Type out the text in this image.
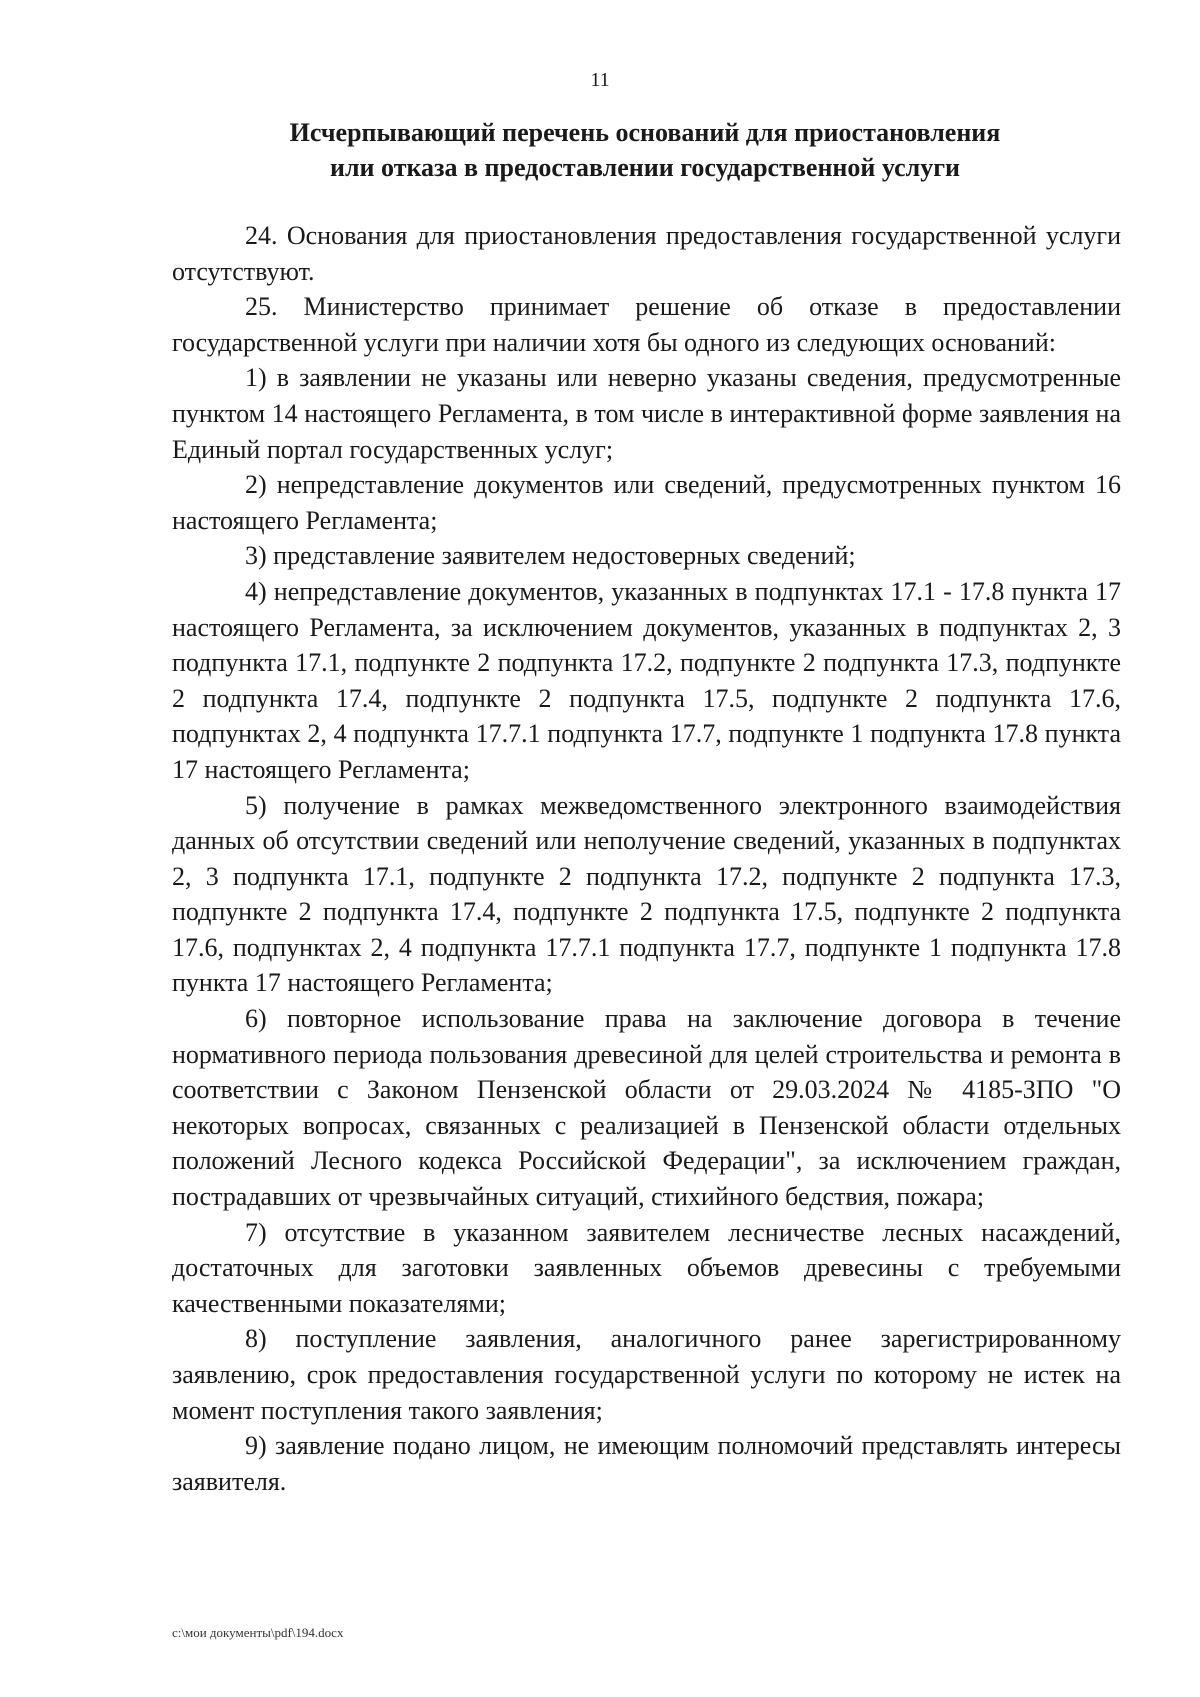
11
Исчерпывающий перечень оснований для приостановления
или отказа в предоставлении государственной услуги

24. Основания для приостановления предоставления государственной услуги отсутствуют.

25. Министерство принимает решение об отказе в предоставлении государственной услуги при наличии хотя бы одного из следующих оснований:

1) в заявлении не указаны или неверно указаны сведения, предусмотренные пунктом 14 настоящего Регламента, в том числе в интерактивной форме заявления на Единый портал государственных услуг;

2) непредставление документов или сведений, предусмотренных пунктом 16 настоящего Регламента;

3) представление заявителем недостоверных сведений;

4) непредставление документов, указанных в подпунктах 17.1 - 17.8 пункта 17 настоящего Регламента, за исключением документов, указанных в подпунктах 2, 3 подпункта 17.1, подпункте 2 подпункта 17.2, подпункте 2 подпункта 17.3, подпункте 2 подпункта 17.4, подпункте 2 подпункта 17.5, подпункте 2 подпункта 17.6, подпунктах 2, 4 подпункта 17.7.1 подпункта 17.7, подпункте 1 подпункта 17.8 пункта 17 настоящего Регламента;

5) получение в рамках межведомственного электронного взаимодействия данных об отсутствии сведений или неполучение сведений, указанных в подпунктах 2, 3 подпункта 17.1, подпункте 2 подпункта 17.2, подпункте 2 подпункта 17.3, подпункте 2 подпункта 17.4, подпункте 2 подпункта 17.5, подпункте 2 подпункта 17.6, подпунктах 2, 4 подпункта 17.7.1 подпункта 17.7, подпункте 1 подпункта 17.8 пункта 17 настоящего Регламента;

6) повторное использование права на заключение договора в течение нормативного периода пользования древесиной для целей строительства и ремонта в соответствии с Законом Пензенской области от 29.03.2024 № 4185-ЗПО "О некоторых вопросах, связанных с реализацией в Пензенской области отдельных положений Лесного кодекса Российской Федерации", за исключением граждан, пострадавших от чрезвычайных ситуаций, стихийного бедствия, пожара;

7) отсутствие в указанном заявителем лесничестве лесных насаждений, достаточных для заготовки заявленных объемов древесины с требуемыми качественными показателями;

8) поступление заявления, аналогичного ранее зарегистрированному заявлению, срок предоставления государственной услуги по которому не истек на момент поступления такого заявления;

9) заявление подано лицом, не имеющим полномочий представлять интересы заявителя.

c:\мои документы\pdf\194.docx
